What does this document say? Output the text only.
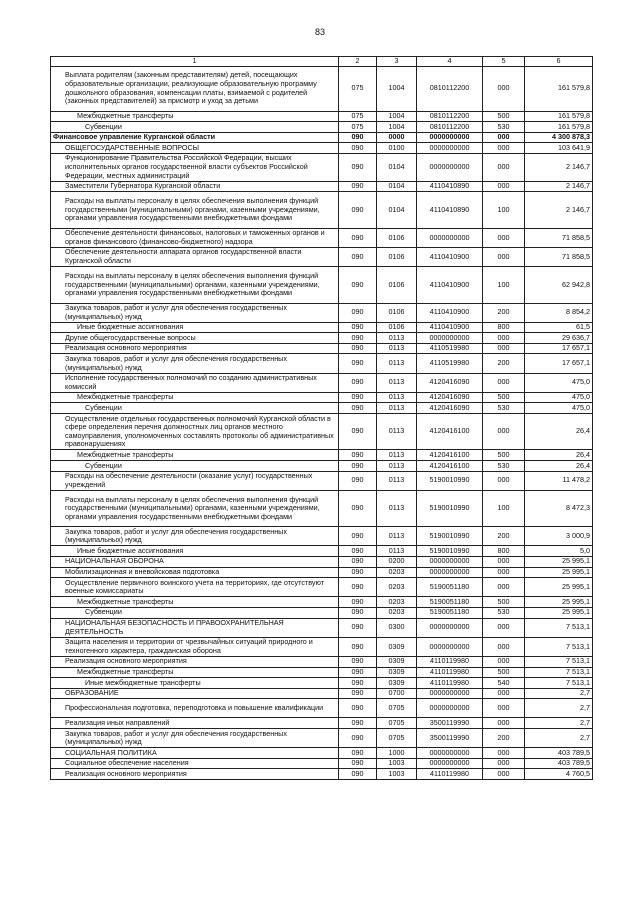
83
1	2	3	4	5	6
Выплата родителям (законным представителям) детей, посещающих образовательные организации, реализующие образовательную программу дошкольного образования, компенсации платы, взимаемой с родителей (законных представителей) за присмотр и уход за детьми	075	1004	0810112200	000	161 579,8
Межбюджетные трансферты	075	1004	0810112200	500	161 579,8
Субвенции	075	1004	0810112200	530	161 579,8
Финансовое управление Курганской области	090	0000	0000000000	000	4 300 878,3
ОБЩЕГОСУДАРСТВЕННЫЕ ВОПРОСЫ	090	0100	0000000000	000	103 641,9
Функционирование Правительства Российской Федерации, высших исполнительных органов государственной власти субъектов Российской Федерации, местных администраций	090	0104	0000000000	000	2 146,7
Заместители Губернатора Курганской области	090	0104	4110410890	000	2 146,7
Расходы на выплаты персоналу в целях обеспечения выполнения функций государственными (муниципальными) органами, казенными учреждениями, органами управления государственными внебюджетными фондами	090	0104	4110410890	100	2 146,7
Обеспечение деятельности финансовых, налоговых и таможенных органов и органов финансового (финансово-бюджетного) надзора	090	0106	0000000000	000	71 858,5
Обеспечение деятельности аппарата органов государственной власти Курганской области	090	0106	4110410900	000	71 858,5
Расходы на выплаты персоналу в целях обеспечения выполнения функций государственными (муниципальными) органами, казенными учреждениями, органами управления государственными внебюджетными фондами	090	0106	4110410900	100	62 942,8
Закупка товаров, работ и услуг для обеспечения государственных (муниципальных) нужд	090	0106	4110410900	200	8 854,2
Иные бюджетные ассигнования	090	0106	4110410900	800	61,5
Другие общегосударственные вопросы	090	0113	0000000000	000	29 636,7
Реализация основного мероприятия	090	0113	4110519980	000	17 657,1
Закупка товаров, работ и услуг для обеспечения государственных (муниципальных) нужд	090	0113	4110519980	200	17 657,1
Исполнение государственных полномочий по созданию административных комиссий	090	0113	4120416090	000	475,0
Межбюджетные трансферты	090	0113	4120416090	500	475,0
Субвенции	090	0113	4120416090	530	475,0
Осуществление отдельных государственных полномочий Курганской области в сфере определения перечня должностных лиц органов местного самоуправления, уполномоченных составлять протоколы об административных правонарушениях	090	0113	4120416100	000	26,4
Межбюджетные трансферты	090	0113	4120416100	500	26,4
Субвенции	090	0113	4120416100	530	26,4
Расходы на обеспечение деятельности (оказание услуг) государственных учреждений	090	0113	5190010990	000	11 478,2
Расходы на выплаты персоналу в целях обеспечения выполнения функций государственными (муниципальными) органами, казенными учреждениями, органами управления государственными внебюджетными фондами	090	0113	5190010990	100	8 472,3
Закупка товаров, работ и услуг для обеспечения государственных (муниципальных) нужд	090	0113	5190010990	200	3 000,9
Иные бюджетные ассигнования	090	0113	5190010990	800	5,0
НАЦИОНАЛЬНАЯ ОБОРОНА	090	0200	0000000000	000	25 995,1
Мобилизационная и вневойсковая подготовка	090	0203	0000000000	000	25 995,1
Осуществление первичного воинского учета на территориях, где отсутствуют военные комиссариаты	090	0203	5190051180	000	25 995,1
Межбюджетные трансферты	090	0203	5190051180	500	25 995,1
Субвенции	090	0203	5190051180	530	25 995,1
НАЦИОНАЛЬНАЯ БЕЗОПАСНОСТЬ И ПРАВООХРАНИТЕЛЬНАЯ ДЕЯТЕЛЬНОСТЬ	090	0300	0000000000	000	7 513,1
Защита населения и территории от чрезвычайных ситуаций природного и техногенного характера, гражданская оборона	090	0309	0000000000	000	7 513,1
Реализация основного мероприятия	090	0309	4110119980	000	7 513,1
Межбюджетные трансферты	090	0309	4110119980	500	7 513,1
Иные межбюджетные трансферты	090	0309	4110119980	540	7 513,1
ОБРАЗОВАНИЕ	090	0700	0000000000	000	2,7
Профессиональная подготовка, переподготовка и повышение квалификации	090	0705	0000000000	000	2,7
Реализация иных направлений	090	0705	3500119990	000	2,7
Закупка товаров, работ и услуг для обеспечения государственных (муниципальных) нужд	090	0705	3500119990	200	2,7
СОЦИАЛЬНАЯ ПОЛИТИКА	090	1000	0000000000	000	403 789,5
Социальное обеспечение населения	090	1003	0000000000	000	403 789,5
Реализация основного мероприятия	090	1003	4110119980	000	4 760,5
